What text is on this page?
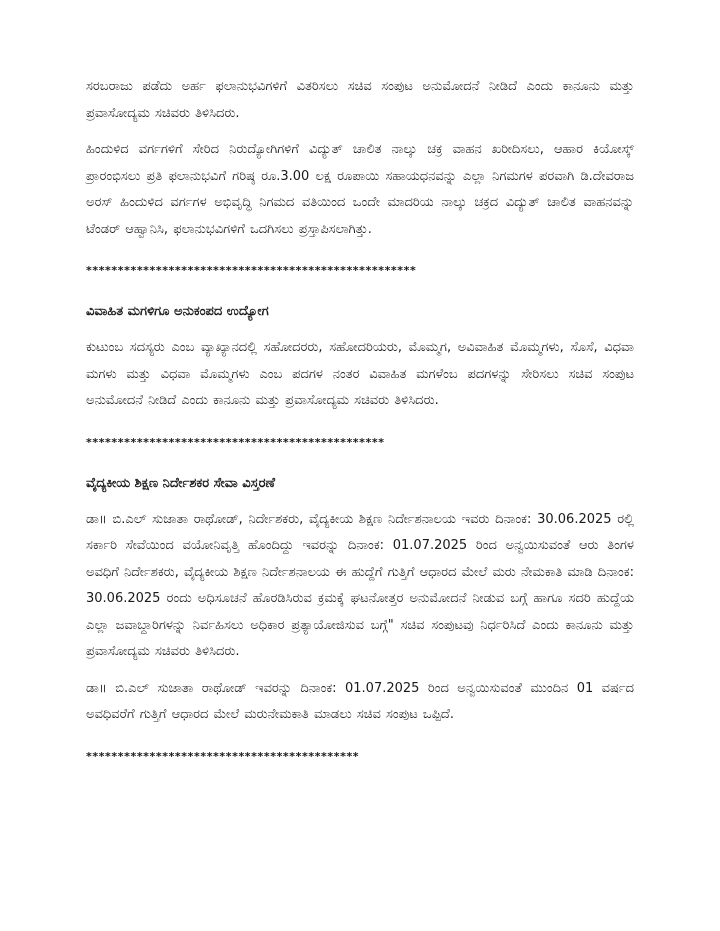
ಸರಬರಾಜು ಪಡೆದು ಅರ್ಹ ಫಲಾನುಭವಿಗಳಿಗೆ ವಿತರಿಸಲು ಸಚಿವ ಸಂಪುಟ ಅನುಮೋದನೆ ನೀಡಿದೆ ಎಂದು ಕಾನೂನು ಮತ್ತು ಪ್ರವಾಸೋದ್ಯಮ ಸಚಿವರು ತಿಳಿಸಿದರು.

ಹಿಂದುಳಿದ ವರ್ಗಗಳಿಗೆ ಸೇರಿದ ನಿರುದ್ಯೋಗಿಗಳಿಗೆ ವಿದ್ಯುತ್ ಚಾಲಿತ ನಾಲ್ಕು ಚಕ್ರ ವಾಹನ ಖರೀದಿಸಲು, ಆಹಾರ ಕಿಯೋಸ್ಕ್ ಪ್ರಾರಂಭಿಸಲು ಪ್ರತಿ ಫಲಾನುಭವಿಗೆ ಗರಿಷ್ಠ ರೂ.3.00 ಲಕ್ಷ ರೂಪಾಯಿ ಸಹಾಯಧನವನ್ನು ಎಲ್ಲಾ ನಿಗಮಗಳ ಪರವಾಗಿ ಡಿ.ದೇವರಾಜ ಅರಸ್ ಹಿಂದುಳಿದ ವರ್ಗಗಳ ಅಭಿವೃದ್ಧಿ ನಿಗಮದ ವತಿಯಿಂದ ಒಂದೇ ಮಾದರಿಯ ನಾಲ್ಕು ಚಕ್ರದ ವಿದ್ಯುತ್ ಚಾಲಿತ ವಾಹನವನ್ನು ಟೆಂಡರ್ ಆಹ್ವಾನಿಸಿ, ಫಲಾನುಭವಿಗಳಿಗೆ ಒದಗಿಸಲು ಪ್ರಸ್ತಾಪಿಸಲಾಗಿತ್ತು.

****************************************************

ವಿವಾಹಿತ ಮಗಳಿಗೂ ಅನುಕಂಪದ ಉದ್ಯೋಗ

ಕುಟುಂಬ ಸದಸ್ಯರು ಎಂಬ ವ್ಯಾಖ್ಯಾನದಲ್ಲಿ ಸಹೋದರರು, ಸಹೋದರಿಯರು, ಮೊಮ್ಮಗ, ಅವಿವಾಹಿತ ಮೊಮ್ಮಗಳು, ಸೊಸೆ, ವಿಧವಾ ಮಗಳು ಮತ್ತು ವಿಧವಾ ಮೊಮ್ಮಗಳು ಎಂಬ ಪದಗಳ ನಂತರ ವಿವಾಹಿತ ಮಗಳೆಂಬ ಪದಗಳನ್ನು ಸೇರಿಸಲು ಸಚಿವ ಸಂಪುಟ ಅನುಮೋದನೆ ನೀಡಿದೆ ಎಂದು ಕಾನೂನು ಮತ್ತು ಪ್ರವಾಸೋದ್ಯಮ ಸಚಿವರು ತಿಳಿಸಿದರು.

***********************************************

ವೈದ್ಯಕೀಯ ಶಿಕ್ಷಣ ನಿರ್ದೇಶಕರ ಸೇವಾ ವಿಸ್ತರಣೆ

ಡಾ॥ ಬಿ.ಎಲ್ ಸುಜಾತಾ ರಾಥೋಡ್, ನಿರ್ದೇಶಕರು, ವೈದ್ಯಕೀಯ ಶಿಕ್ಷಣ ನಿರ್ದೇಶನಾಲಯ ಇವರು ದಿನಾಂಕ: 30.06.2025 ರಲ್ಲಿ ಸರ್ಕಾರಿ ಸೇವೆಯಿಂದ ವಯೋನಿವೃತ್ತಿ ಹೊಂದಿದ್ದು ಇವರನ್ನು ದಿನಾಂಕ: 01.07.2025 ರಿಂದ ಅನ್ವಯಿಸುವಂತೆ ಆರು ತಿಂಗಳ ಅವಧಿಗೆ ನಿರ್ದೇಶಕರು, ವೈದ್ಯಕೀಯ ಶಿಕ್ಷಣ ನಿರ್ದೇಶನಾಲಯ ಈ ಹುದ್ದೆಗೆ ಗುತ್ತಿಗೆ ಆಧಾರದ ಮೇಲೆ ಮರು ನೇಮಕಾತಿ ಮಾಡಿ ದಿನಾಂಕ: 30.06.2025 ರಂದು ಅಧಿಸೂಚನೆ ಹೊರಡಿಸಿರುವ ಕ್ರಮಕ್ಕೆ ಘಟನೋತ್ತರ ಅನುಮೋದನೆ ನೀಡುವ ಬಗ್ಗೆ ಹಾಗೂ ಸದರಿ ಹುದ್ದೆಯ ಎಲ್ಲಾ ಜವಾಬ್ದಾರಿಗಳನ್ನು ನಿರ್ವಹಿಸಲು ಅಧಿಕಾರ ಪ್ರತ್ಯಾಯೋಜಿಸುವ ಬಗ್ಗೆ" ಸಚಿವ ಸಂಪುಟವು ನಿರ್ಧರಿಸಿದೆ ಎಂದು ಕಾನೂನು ಮತ್ತು ಪ್ರವಾಸೋದ್ಯಮ ಸಚಿವರು ತಿಳಿಸಿದರು.

ಡಾ॥ ಬಿ.ಎಲ್ ಸುಜಾತಾ ರಾಥೋಡ್ ಇವರನ್ನು ದಿನಾಂಕ: 01.07.2025 ರಿಂದ ಅನ್ವಯಿಸುವಂತೆ ಮುಂದಿನ 01 ವರ್ಷದ ಅವಧಿವರೆಗೆ ಗುತ್ತಿಗೆ ಆಧಾರದ ಮೇಲೆ ಮರುನೇಮಕಾತಿ ಮಾಡಲು ಸಚಿವ ಸಂಪುಟ ಒಪ್ಪಿದೆ.

*******************************************
